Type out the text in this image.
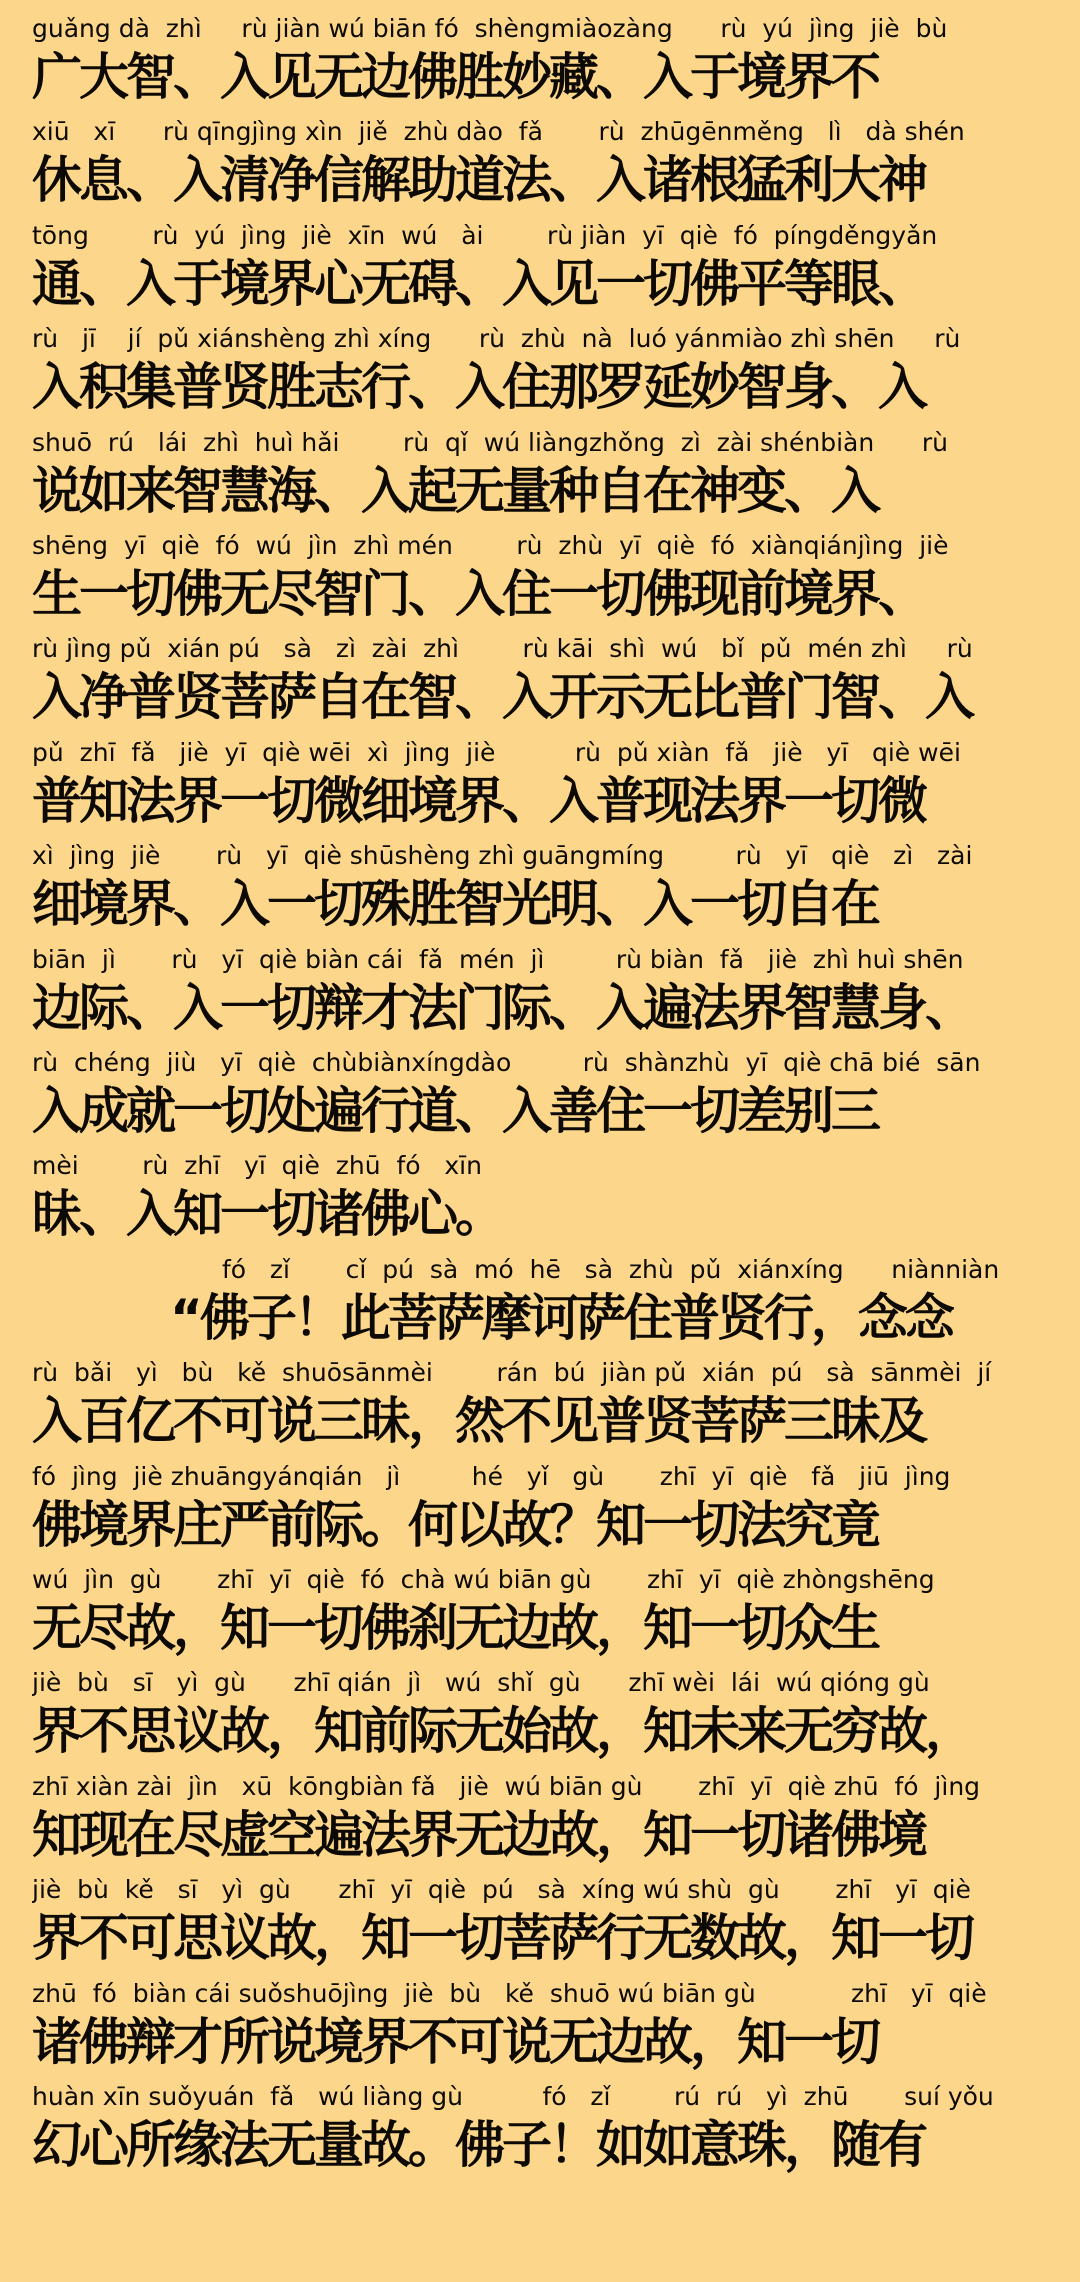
guǎng dà  zhì     rù jiàn wú biān fó  shèngmiàozàng      rù  yú  jìng  jiè  bù
广大智、入见无边佛胜妙藏、入于境界不
xiū   xī      rù qīngjìng xìn  jiě  zhù dào  fǎ       rù  zhūgēnměng   lì   dà shén
休息、入清净信解助道法、入诸根猛利大神
tōng        rù  yú  jìng  jiè  xīn  wú   ài        rù jiàn  yī  qiè  fó  píngděngyǎn
通、入于境界心无碍、入见一切佛平等眼、
rù   jī    jí  pǔ xiánshèng zhì xíng      rù  zhù  nà  luó yánmiào zhì shēn     rù
入积集普贤胜志行、入住那罗延妙智身、入
shuō  rú   lái  zhì  huì hǎi        rù  qǐ  wú liàngzhǒng  zì  zài shénbiàn      rù
说如来智慧海、入起无量种自在神变、入
shēng  yī  qiè  fó  wú  jìn  zhì mén        rù  zhù  yī  qiè  fó  xiànqiánjìng  jiè
生一切佛无尽智门、入住一切佛现前境界、
rù jìng pǔ  xián pú   sà   zì  zài  zhì        rù kāi  shì  wú   bǐ  pǔ  mén zhì     rù
入净普贤菩萨自在智、入开示无比普门智、入
pǔ  zhī  fǎ   jiè  yī  qiè wēi  xì  jìng  jiè          rù  pǔ xiàn  fǎ   jiè   yī   qiè wēi
普知法界一切微细境界、入普现法界一切微
xì  jìng  jiè       rù   yī  qiè shūshèng zhì guāngmíng         rù   yī   qiè   zì   zài
细境界、入一切殊胜智光明、入一切自在
biān  jì       rù   yī  qiè biàn cái  fǎ  mén  jì         rù biàn  fǎ   jiè  zhì huì shēn
边际、入一切辩才法门际、入遍法界智慧身、
rù  chéng  jiù   yī  qiè  chùbiànxíngdào         rù  shànzhù  yī  qiè chā bié  sān
入成就一切处遍行道、入善住一切差别三
mèi        rù  zhī   yī  qiè  zhū  fó   xīn
昧、入知一切诸佛心。
fó   zǐ       cǐ  pú  sà  mó  hē   sà  zhù  pǔ  xiánxíng      niànniàn
“佛子！此菩萨摩诃萨住普贤行，念念
rù  bǎi   yì   bù   kě  shuōsānmèi        rán  bú  jiàn pǔ  xián  pú   sà  sānmèi  jí
入百亿不可说三昧，然不见普贤菩萨三昧及
fó  jìng  jiè zhuāngyánqián   jì         hé   yǐ   gù       zhī  yī  qiè   fǎ   jiū  jìng
佛境界庄严前际。何以故？知一切法究竟
wú  jìn  gù       zhī  yī  qiè  fó  chà wú biān gù       zhī  yī  qiè zhòngshēng
无尽故，知一切佛刹无边故，知一切众生
jiè  bù   sī   yì  gù      zhī qián  jì   wú  shǐ  gù      zhī wèi  lái  wú qióng gù
界不思议故，知前际无始故，知未来无穷故，
zhī xiàn zài  jìn   xū  kōngbiàn fǎ   jiè  wú biān gù       zhī  yī  qiè zhū  fó  jìng
知现在尽虚空遍法界无边故，知一切诸佛境
jiè  bù  kě   sī   yì  gù      zhī  yī  qiè  pú   sà  xíng wú shù  gù       zhī   yī  qiè
界不可思议故，知一切菩萨行无数故，知一切
zhū  fó  biàn cái suǒshuōjìng  jiè  bù   kě  shuō wú biān gù            zhī   yī  qiè
诸佛辩才所说境界不可说无边故，知一切
huàn xīn suǒyuán  fǎ   wú liàng gù          fó   zǐ        rú  rú   yì  zhū       suí yǒu
幻心所缘法无量故。佛子！如如意珠，随有
